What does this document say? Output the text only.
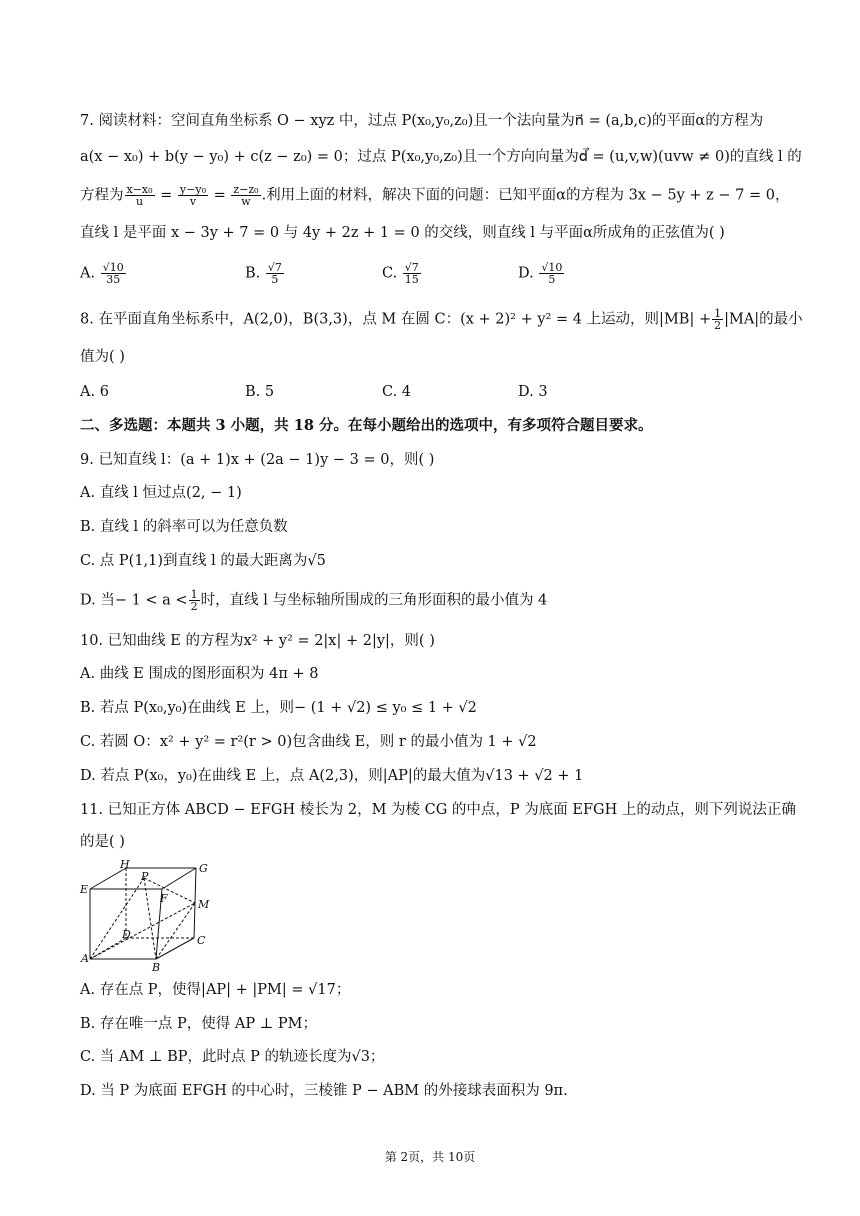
7. 阅读材料：空间直角坐标系 O − xyz 中，过点 P(x₀,y₀,z₀)且一个法向量为n⃗ = (a,b,c)的平面α的方程为
a(x − x₀) + b(y − y₀) + c(z − z₀) = 0；过点 P(x₀,y₀,z₀)且一个方向向量为d⃗ = (u,v,w)(uvw ≠ 0)的直线 l 的
方程为 $\frac{\text{x−x₀}}{u} = \frac{\text{y−y₀}}{v} = \frac{\text{z−z₀}}{w}$ .利用上面的材料，解决下面的问题：已知平面α的方程为 3x − 5y + z − 7 = 0，
直线 l 是平面 x − 3y + 7 = 0 与 4y + 2z + 1 = 0 的交线，则直线 l 与平面α所成角的正弦值为( )
A. $\frac{√10}{35}$	B. $\frac{√7}{5}$	C. $\frac{√7}{15}$	D. $\frac{√10}{5}$
8. 在平面直角坐标系中，A(2,0)，B(3,3)，点 M 在圆 C：(x + 2)² + y² = 4 上运动，则$|MB| + \frac{1}{2} |MA|$的最小
值为( )
A. 6	B. 5	C. 4	D. 3
二、多选题：本题共 3 小题，共 18 分。在每小题给出的选项中，有多项符合题目要求。
9. 已知直线 l：(a + 1)x + (2a − 1)y − 3 = 0，则( )
A. 直线 l 恒过点(2, − 1)
B. 直线 l 的斜率可以为任意负数
C. 点 P(1,1)到直线 l 的最大距离为√5
D. 当− $1 < a < \frac{1}{2}$ 时，直线 l 与坐标轴所围成的三角形面积的最小值为 4
10. 已知曲线 E 的方程为x² + y² = 2|x| + 2|y|，则( )
A. 曲线 E 围成的图形面积为 4π + 8
B. 若点 P(x₀,y₀)在曲线 E 上，则− (1 + √2) ≤ y₀ ≤ 1 + √2
C. 若圆 O：x² + y² = r²(r > 0)包含曲线 E，则 r 的最小值为 1 + √2
D. 若点 P(x₀，y₀)在曲线 E 上，点 A(2,3)，则|AP|的最大值为√13 + √2 + 1
11. 已知正方体 ABCD − EFGH 棱长为 2，M 为棱 CG 的中点，P 为底面 EFGH 上的动点，则下列说法正确
的是( )
H
P
G
E
F	M
D	C
A
B
A. 存在点 P，使得|AP| + |PM| = √17；
B. 存在唯一点 P，使得 AP ⊥ PM；
C. 当 AM ⊥ BP，此时点 P 的轨迹长度为√3；
D. 当 P 为底面 EFGH 的中心时，三棱锥 P − ABM 的外接球表面积为 9π.
第 2页，共 10页
